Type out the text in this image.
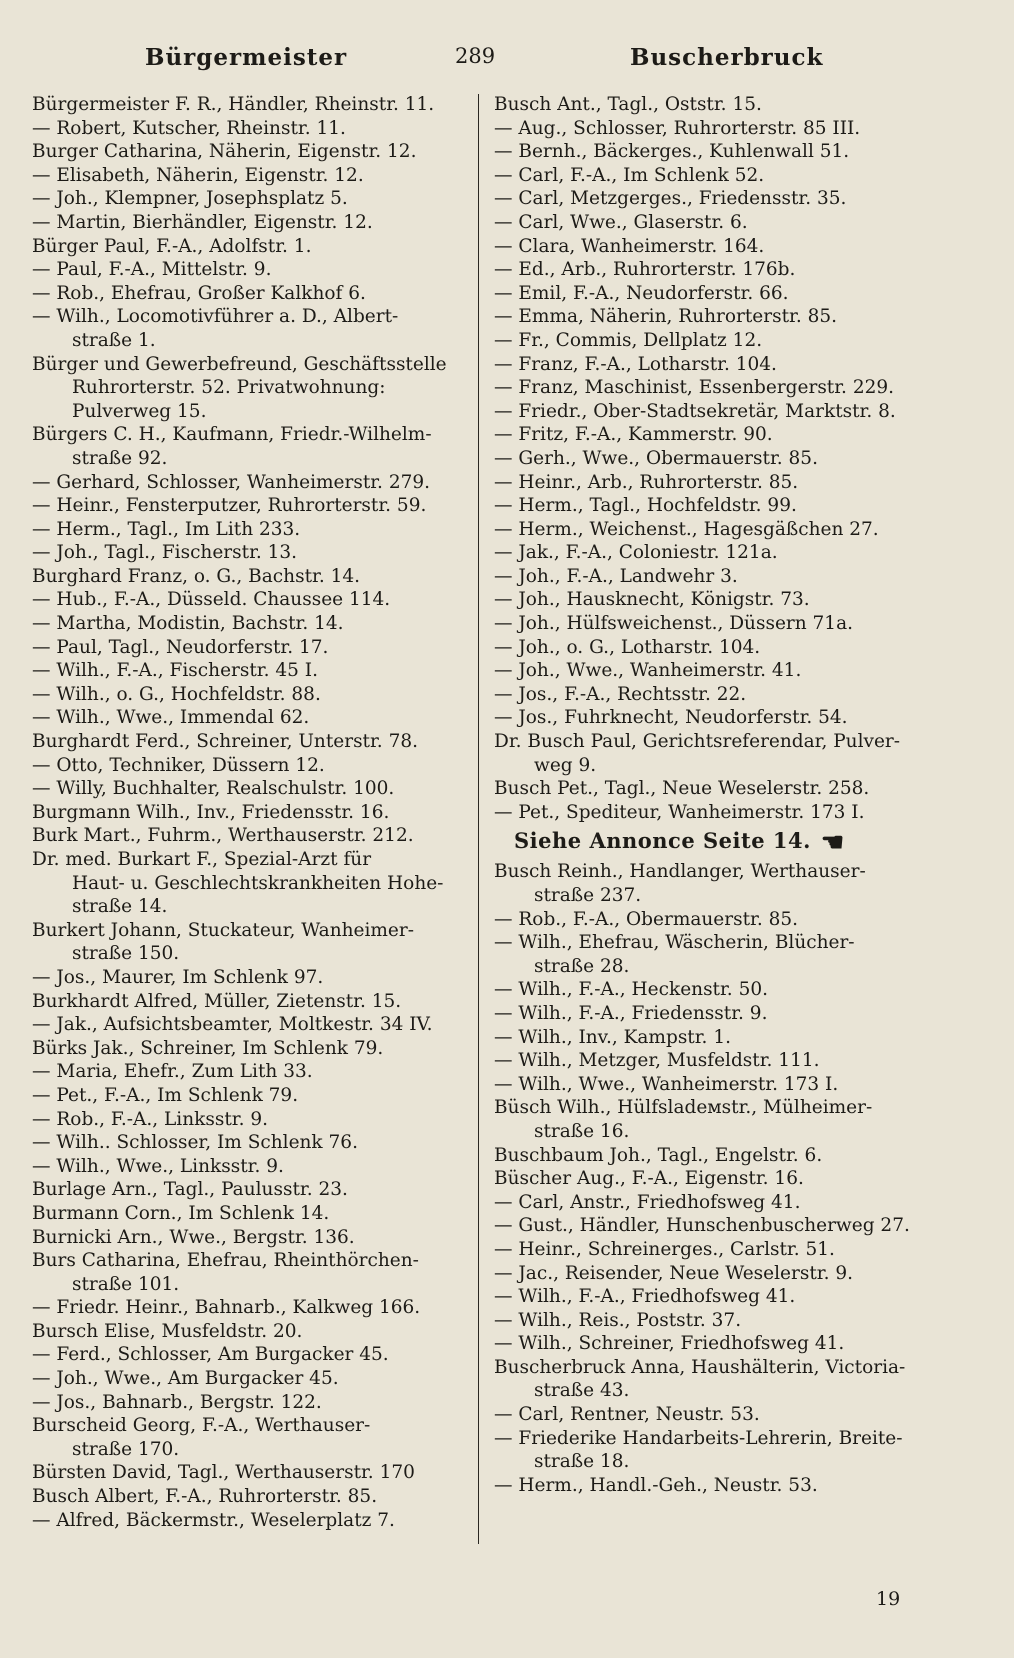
Bürgermeister	289	Buscherbruck
Bürgermeister F. R., Händler, Rheinstr. 11.
— Robert, Kutscher, Rheinstr. 11.
Burger Catharina, Näherin, Eigenstr. 12.
— Elisabeth, Näherin, Eigenstr. 12.
— Joh., Klempner, Josephsplatz 5.
— Martin, Bierhändler, Eigenstr. 12.
Bürger Paul, F.-A., Adolfstr. 1.
— Paul, F.-A., Mittelstr. 9.
— Rob., Ehefrau, Großer Kalkhof 6.
— Wilh., Locomotivführer a. D., Albert-
straße 1.
Bürger und Gewerbefreund, Geschäftsstelle
Ruhrorterstr. 52. Privatwohnung:
Pulverweg 15.
Bürgers C. H., Kaufmann, Friedr.-Wilhelm-
straße 92.
— Gerhard, Schlosser, Wanheimerstr. 279.
— Heinr., Fensterputzer, Ruhrorterstr. 59.
— Herm., Tagl., Im Lith 233.
— Joh., Tagl., Fischerstr. 13.
Burghard Franz, o. G., Bachstr. 14.
— Hub., F.-A., Düsseld. Chaussee 114.
— Martha, Modistin, Bachstr. 14.
— Paul, Tagl., Neudorferstr. 17.
— Wilh., F.-A., Fischerstr. 45 I.
— Wilh., o. G., Hochfeldstr. 88.
— Wilh., Wwe., Immendal 62.
Burghardt Ferd., Schreiner, Unterstr. 78.
— Otto, Techniker, Düssern 12.
— Willy, Buchhalter, Realschulstr. 100.
Burgmann Wilh., Inv., Friedensstr. 16.
Burk Mart., Fuhrm., Werthauserstr. 212.
Dr. med. Burkart F., Spezial-Arzt für
Haut- u. Geschlechtskrankheiten Hohe-
straße 14.
Burkert Johann, Stuckateur, Wanheimer-
straße 150.
— Jos., Maurer, Im Schlenk 97.
Burkhardt Alfred, Müller, Zietenstr. 15.
— Jak., Aufsichtsbeamter, Moltkestr. 34 IV.
Bürks Jak., Schreiner, Im Schlenk 79.
— Maria, Ehefr., Zum Lith 33.
— Pet., F.-A., Im Schlenk 79.
— Rob., F.-A., Linksstr. 9.
— Wilh.. Schlosser, Im Schlenk 76.
— Wilh., Wwe., Linksstr. 9.
Burlage Arn., Tagl., Paulusstr. 23.
Burmann Corn., Im Schlenk 14.
Burnicki Arn., Wwe., Bergstr. 136.
Burs Catharina, Ehefrau, Rheinthörchen-
straße 101.
— Friedr. Heinr., Bahnarb., Kalkweg 166.
Bursch Elise, Musfeldstr. 20.
— Ferd., Schlosser, Am Burgacker 45.
— Joh., Wwe., Am Burgacker 45.
— Jos., Bahnarb., Bergstr. 122.
Burscheid Georg, F.-A., Werthauser-
straße 170.
Bürsten David, Tagl., Werthauserstr. 170
Busch Albert, F.-A., Ruhrorterstr. 85.
— Alfred, Bäckermstr., Weselerplatz 7.
Busch Ant., Tagl., Oststr. 15.
— Aug., Schlosser, Ruhrorterstr. 85 III.
— Bernh., Bäckerges., Kuhlenwall 51.
— Carl, F.-A., Im Schlenk 52.
— Carl, Metzgerges., Friedensstr. 35.
— Carl, Wwe., Glaserstr. 6.
— Clara, Wanheimerstr. 164.
— Ed., Arb., Ruhrorterstr. 176b.
— Emil, F.-A., Neudorferstr. 66.
— Emma, Näherin, Ruhrorterstr. 85.
— Fr., Commis, Dellplatz 12.
— Franz, F.-A., Lotharstr. 104.
— Franz, Maschinist, Essenbergerstr. 229.
— Friedr., Ober-Stadtsekretär, Marktstr. 8.
— Fritz, F.-A., Kammerstr. 90.
— Gerh., Wwe., Obermauerstr. 85.
— Heinr., Arb., Ruhrorterstr. 85.
— Herm., Tagl., Hochfeldstr. 99.
— Herm., Weichenst., Hagesgäßchen 27.
— Jak., F.-A., Coloniestr. 121a.
— Joh., F.-A., Landwehr 3.
— Joh., Hausknecht, Königstr. 73.
— Joh., Hülfsweichenst., Düssern 71a.
— Joh., o. G., Lotharstr. 104.
— Joh., Wwe., Wanheimerstr. 41.
— Jos., F.-A., Rechtsstr. 22.
— Jos., Fuhrknecht, Neudorferstr. 54.
Dr. Busch Paul, Gerichtsreferendar, Pulver-
weg 9.
Busch Pet., Tagl., Neue Weselerstr. 258.
— Pet., Spediteur, Wanheimerstr. 173 I.
Siehe Annonce Seite 14. ☚
Busch Reinh., Handlanger, Werthauser-
straße 237.
— Rob., F.-A., Obermauerstr. 85.
— Wilh., Ehefrau, Wäscherin, Blücher-
straße 28.
— Wilh., F.-A., Heckenstr. 50.
— Wilh., F.-A., Friedensstr. 9.
— Wilh., Inv., Kampstr. 1.
— Wilh., Metzger, Musfeldstr. 111.
— Wilh., Wwe., Wanheimerstr. 173 I.
Büsch Wilh., Hülfsladемstr., Mülheimer-
straße 16.
Buschbaum Joh., Tagl., Engelstr. 6.
Büscher Aug., F.-A., Eigenstr. 16.
— Carl, Anstr., Friedhofsweg 41.
— Gust., Händler, Hunschenbuscherweg 27.
— Heinr., Schreinerges., Carlstr. 51.
— Jac., Reisender, Neue Weselerstr. 9.
— Wilh., F.-A., Friedhofsweg 41.
— Wilh., Reis., Poststr. 37.
— Wilh., Schreiner, Friedhofsweg 41.
Buscherbruck Anna, Haushälterin, Victoria-
straße 43.
— Carl, Rentner, Neustr. 53.
— Friederike Handarbeits-Lehrerin, Breite-
straße 18.
— Herm., Handl.-Geh., Neustr. 53.
19
